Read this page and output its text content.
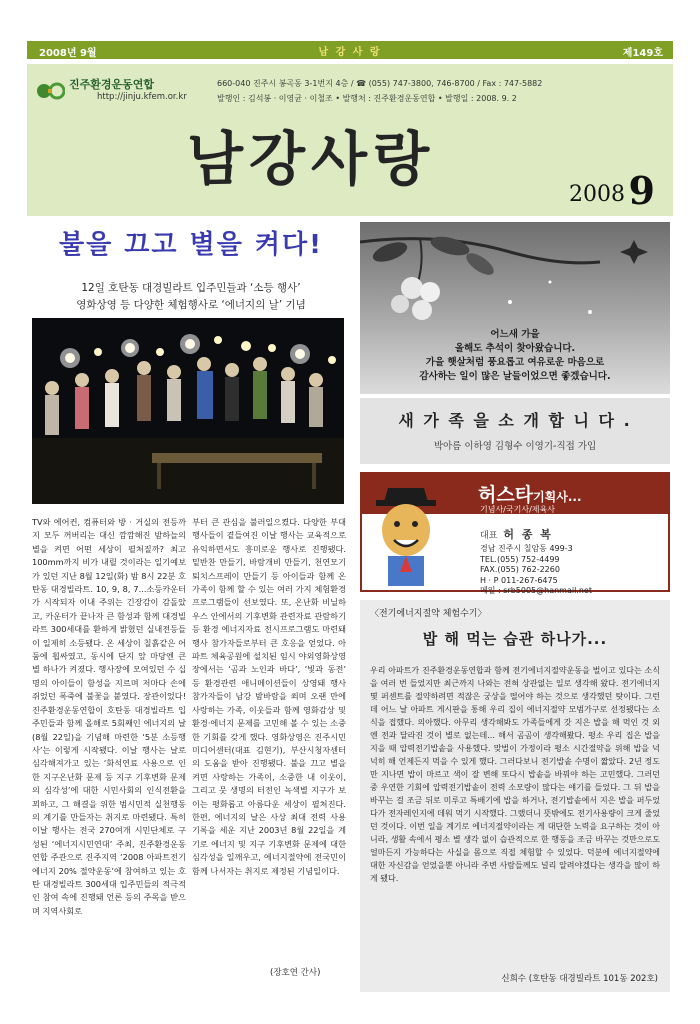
2008년 9월	남 강 사 랑	제149호
진주환경운동연합
http://jinju.kfem.or.kr
660-040 진주시 봉곡동 3-1번지 4층 / ☎ (055) 747-3800, 746-8700 / Fax : 747-5882
발행인 : 김석봉 · 이영균 · 이철조 • 발행처 : 진주환경운동연합 • 발행일 : 2008. 9. 2
남강사랑
2008 9
불을 끄고 별을 켜다!
12일 호탄동 대경빌라트 입주민들과 ‘소등 행사’
영화상영 등 다양한 체험행사로 ‘에너지의 날’ 기념

TV와 에어컨, 컴퓨터와 방 · 거실의 전등까지 모두 꺼버리는 대신 깜깜해진 밤하늘의 별을 켜면 어떤 세상이 펼쳐질까? 최고 100mm까지 비가 내릴 것이라는 일기예보가 있던 지난 8월 12일(화) 밤 8시 22분 호탄동 대경빌라트. 10, 9, 8, 7...소등카운터가 시작되자 이내 주위는 긴장감이 감돌았고, 카운터가 끝나자 큰 함성과 함께 대경빌라트 300세대를 환하게 밝혔던 실내전등들이 일제히 소등됐다. 온 세상이 칠흙같은 어둠에 휩싸였고, 동시에 단지 앞 마당엔 큰 별 하나가 켜졌다. 행사장에 모여있던 수 십명의 아이들이 함성을 지르며 저마다 손에 쥐었던 폭죽에 불꽃을 붙였다. 장관이었다! 진주환경운동연합이 호탄동 대경빌라트 입주민들과 함께 올해로 5회째인 에너지의 날(8월 22일)을 기념해 마련한 ‘5분 소등행사’는 이렇게 시작됐다. 이날 행사는 날로 심각해져가고 있는 ‘화석연료 사용으로 인한 지구온난화 문제 등 지구 기후변화 문제의 심각성’에 대한 시민사회의 인식전환을 꾀하고, 그 해결을 위한 범시민적 실천행동의 계기를 만들자는 취지로 마련됐다. 특히 이날 행사는 전국 270여개 시민단체로 구성된 ‘에너지시민연대’ 주최, 진주환경운동연합 주관으로 진주지역 ‘2008 아파트전기에너지 20% 절약운동’에 참여하고 있는 호탄 대경빌라트 300세대 입주민들의 적극적인 참여 속에 진행돼 언론 등의 주목을 받으며 지역사회로

부터 큰 관심을 불러일으켰다. 다양한 부대행사들이 곁들여진 이날 행사는 교육적으로 유익하면서도 흥미로운 행사로 진행됐다. 밑반찬 만들기, 바람개비 만들기, 천연모기퇴치스프레이 만들기 등 아이들과 함께 온 가족이 함께 할 수 있는 여러 가지 체험환경프로그램들이 선보였다. 또, 온난화 비닐하우스 안에서의 기후변화 관련자료 관람하기 등 환경 에너지자료 전시프로그램도 마련돼 행사 참가자들로부터 큰 호응을 얻었다. 아파트 체육공원에 설치된 임시 야외영화상영장에서는 ‘곰과 노인과 바다’, ‘빛과 동전’ 등 환경관련 애니메이션들이 상영돼 행사 참가자들이 남강 밤바람을 쐬며 오랜 만에 사랑하는 가족, 이웃들과 함께 영화감상 및 환경·에너지 문제를 고민해 볼 수 있는 소중한 기회를 갖게 했다. 영화상영은 진주시민미디어센터(대표 김현기), 부산시청자센터의 도움을 받아 진행됐다. 불을 끄고 별을 켜면 사랑하는 가족이, 소중한 내 이웃이, 그리고 뭇 생명의 터전인 녹색별 지구가 보이는 평화롭고 아름다운 세상이 펼쳐진다. 한편, 에너지의 날은 사상 최대 전력 사용 기록을 세운 지난 2003년 8월 22일을 계기로 에너지 및 지구 기후변화 문제에 대한 심각성을 일깨우고, 에너지절약에 전국민이 함께 나서자는 취지로 제정된 기념일이다.

(장호연 간사)
어느새 가을
올해도 추석이 찾아왔습니다.
가을 햇살처럼 풍요롭고 여유로운 마음으로
감사하는 일이 많은 날들이었으면 좋겠습니다.
새 가 족 을 소 개 합 니 다 .
박아름 이하영 김형수 이영기-직접 가입
허스타기획사...
기념사/국기사/제육사
대표 허 종 복
경남 진주시 칠암동 499-3
TEL.(055) 752-4499
FAX.(055) 762-2260
H · P 011-267-6475
메일 : srb5005@hanmail.net
〈전기에너지절약 체험수기〉
밥 해 먹는 습관 하나가...
우리 아파트가 진주환경운동연합과 함께 전기에너지절약운동을 벌이고 있다는 소식을 여러 번 들었지만 최근까지 나와는 전혀 상관없는 일로 생각해 왔다. 전기에너지 몇 퍼센트를 절약하려면 적잖은 궁상을 떨어야 하는 것으로 생각했던 탓이다. 그런데 어느 날 아파트 게시판을 통해 우리 집이 에너지절약 모범가구로 선정됐다는 소식을 접했다. 의아했다. 아무리 생각해봐도 가족들에게 갓 지은 밥을 해 먹인 것 외엔 전과 달라진 것이 별로 없는데... 해서 곰곰이 생각해봤다. 평소 우리 집은 밥을 지을 때 압력전기밥솥을 사용했다. 맞벌이 가정이라 평소 시간절약을 위해 밥을 넉넉히 해 언제든지 먹을 수 있게 했다. 그러다보니 전기밥솥 수명이 짧았다. 2년 정도만 지나면 밥이 마르고 색이 잘 변해 또다시 밥솥을 바꿔야 하는 고민했다. 그러던 중 우연한 기회에 압력전기밥솥이 전력 소모량이 많다는 얘기를 들었다. 그 뒤 밥을 바꾸는 걸 조금 뒤로 미루고 특배기에 밥을 하거나, 전기밥솥에서 지은 밥을 퍼두었다가 전자레인지에 데워 먹기 시작했다. 그랬더니 뜻밖에도 전기사용량이 크게 줄었던 것이다. 이번 일을 계기로 에너지절약이라는 게 대단한 노력을 요구하는 것이 아니라, 생활 속에서 평소 별 생각 없이 습관적으로 한 행동을 조금 바꾸는 것만으로도 얼마든지 가능하다는 사실을 몸으로 직접 체험할 수 있었다. 덕분에 에너지절약에 대한 자신감을 얻었을뿐 아니라 주변 사람들께도 널리 알려야겠다는 생각을 많이 하게 됐다.
신희수 (호탄동 대경빌라트 101동 202호)
